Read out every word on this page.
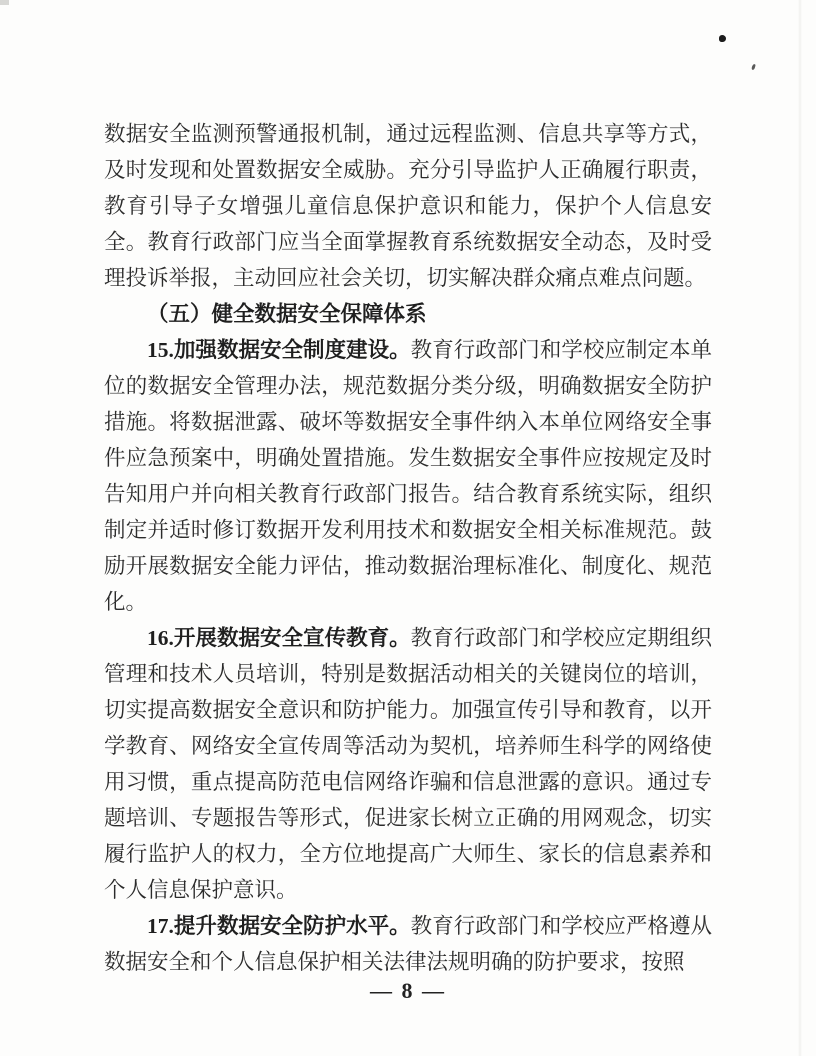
数据安全监测预警通报机制，通过远程监测、信息共享等方式，及时发现和处置数据安全威胁。充分引导监护人正确履行职责，教育引导子女增强儿童信息保护意识和能力，保护个人信息安全。教育行政部门应当全面掌握教育系统数据安全动态，及时受理投诉举报，主动回应社会关切，切实解决群众痛点难点问题。

（五）健全数据安全保障体系

15.加强数据安全制度建设。教育行政部门和学校应制定本单位的数据安全管理办法，规范数据分类分级，明确数据安全防护措施。将数据泄露、破坏等数据安全事件纳入本单位网络安全事件应急预案中，明确处置措施。发生数据安全事件应按规定及时告知用户并向相关教育行政部门报告。结合教育系统实际，组织制定并适时修订数据开发利用技术和数据安全相关标准规范。鼓励开展数据安全能力评估，推动数据治理标准化、制度化、规范化。

16.开展数据安全宣传教育。教育行政部门和学校应定期组织管理和技术人员培训，特别是数据活动相关的关键岗位的培训，切实提高数据安全意识和防护能力。加强宣传引导和教育，以开学教育、网络安全宣传周等活动为契机，培养师生科学的网络使用习惯，重点提高防范电信网络诈骗和信息泄露的意识。通过专题培训、专题报告等形式，促进家长树立正确的用网观念，切实履行监护人的权力，全方位地提高广大师生、家长的信息素养和个人信息保护意识。

17.提升数据安全防护水平。教育行政部门和学校应严格遵从数据安全和个人信息保护相关法律法规明确的防护要求，按照

— 8 —
